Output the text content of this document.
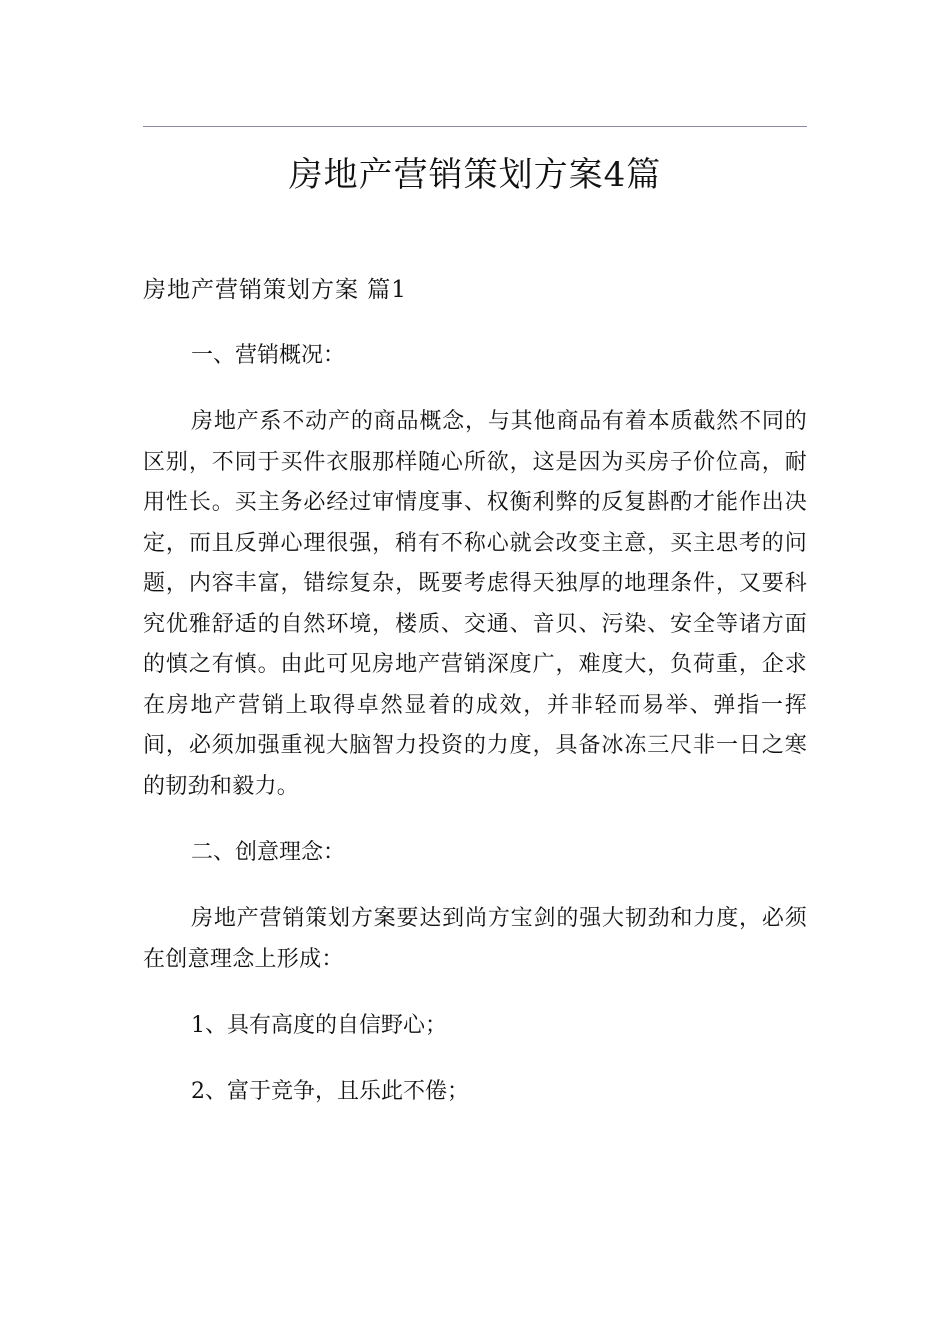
房地产营销策划方案4篇
房地产营销策划方案 篇1

一、营销概况：

房地产系不动产的商品概念，与其他商品有着本质截然不同的区别，不同于买件衣服那样随心所欲，这是因为买房子价位高，耐用性长。买主务必经过审情度事、权衡利弊的反复斟酌才能作出决定，而且反弹心理很强，稍有不称心就会改变主意，买主思考的问题，内容丰富，错综复杂，既要考虑得天独厚的地理条件，又要科究优雅舒适的自然环境，楼质、交通、音贝、污染、安全等诸方面的慎之有慎。由此可见房地产营销深度广，难度大，负荷重，企求在房地产营销上取得卓然显着的成效，并非轻而易举、弹指一挥间，必须加强重视大脑智力投资的力度，具备冰冻三尺非一日之寒的韧劲和毅力。

二、创意理念：

房地产营销策划方案要达到尚方宝剑的强大韧劲和力度，必须在创意理念上形成：

1、具有高度的自信野心；

2、富于竞争，且乐此不倦；
